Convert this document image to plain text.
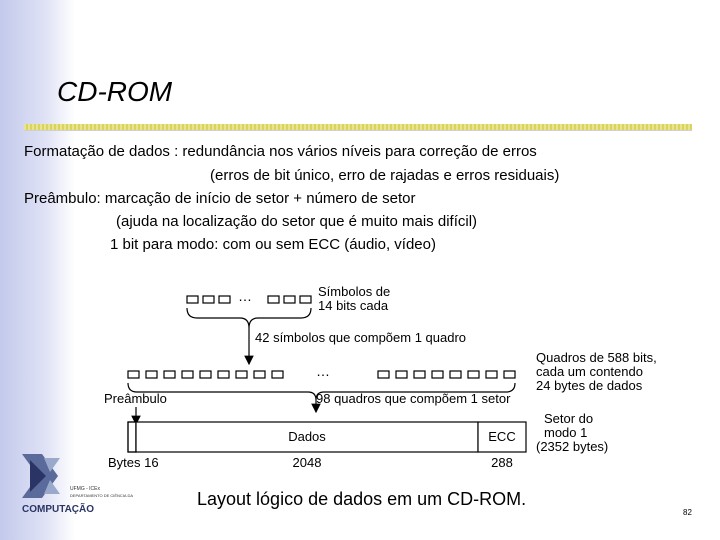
CD-ROM
Formatação de dados : redundância nos vários níveis para correção de erros
(erros de bit único, erro de rajadas e erros residuais)
Preâmbulo: marcação de início de setor + número de setor
(ajuda na localização do setor que é muito mais difícil)
1 bit para modo: com ou sem ECC (áudio, vídeo)
…	Símbolos de
14 bits cada
42 símbolos que compõem 1 quadro
…
Quadros de 588 bits,
cada um contendo
24 bytes de dados
Preâmbulo	98 quadros que compõem 1 setor
Dados	ECC
Setor do
modo 1
(2352 bytes)
Bytes 16	2048	288
UFMG - ICEx
DEPARTAMENTO DE CIÊNCIA DA
COMPUTAÇÃO
Layout lógico de dados em um CD-ROM.
82
